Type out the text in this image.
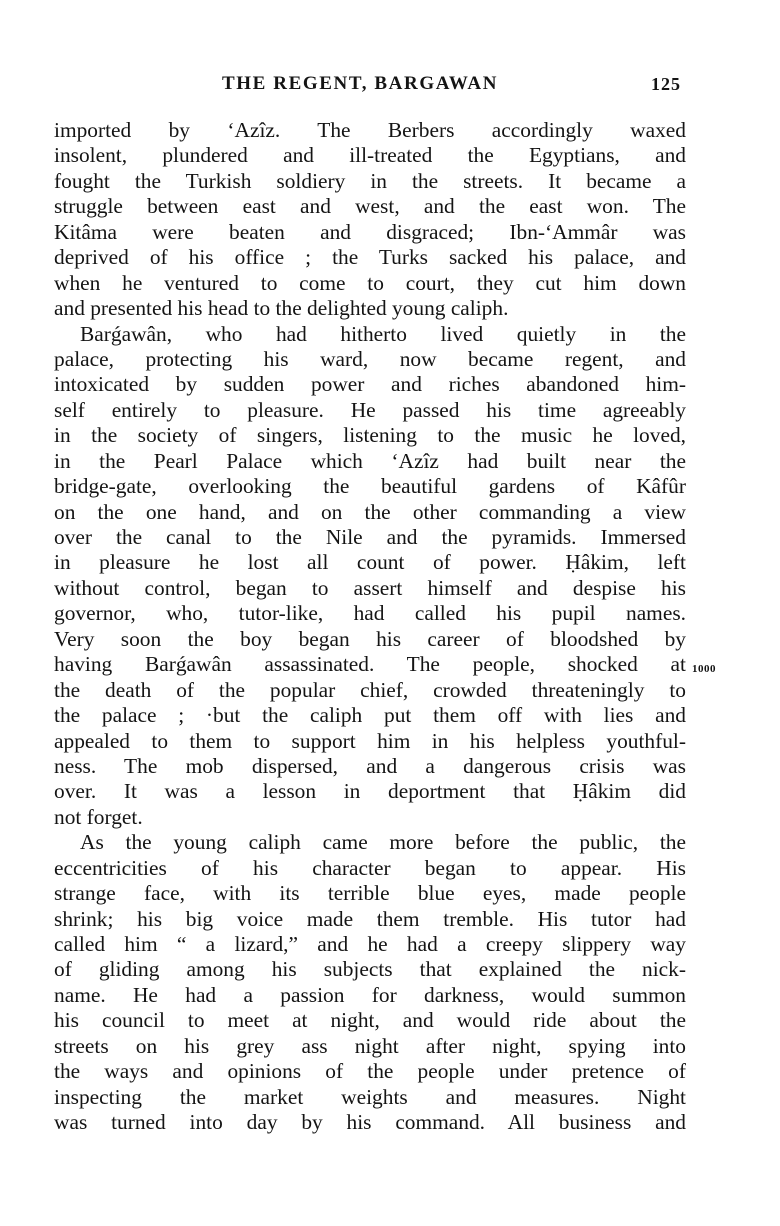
THE REGENT, BARGAWAN	125
imported by ‘Azîz. The Berbers accordingly waxed
insolent, plundered and ill-treated the Egyptians, and
fought the Turkish soldiery in the streets. It became a
struggle between east and west, and the east won. The
Kitâma were beaten and disgraced; Ibn-‘Ammâr was
deprived of his office ; the Turks sacked his palace, and
when he ventured to come to court, they cut him down
and presented his head to the delighted young caliph.
Barǵawân, who had hitherto lived quietly in the
palace, protecting his ward, now became regent, and
intoxicated by sudden power and riches abandoned him-
self entirely to pleasure. He passed his time agreeably
in the society of singers, listening to the music he loved,
in the Pearl Palace which ‘Azîz had built near the
bridge-gate, overlooking the beautiful gardens of Kâfûr
on the one hand, and on the other commanding a view
over the canal to the Nile and the pyramids. Immersed
in pleasure he lost all count of power. Ḥâkim, left
without control, began to assert himself and despise his
governor, who, tutor-like, had called his pupil names.
Very soon the boy began his career of bloodshed by
having Barǵawân assassinated. The people, shocked at
the death of the popular chief, crowded threateningly to
the palace ; ·but the caliph put them off with lies and
appealed to them to support him in his helpless youthful-
ness. The mob dispersed, and a dangerous crisis was
over. It was a lesson in deportment that Ḥâkim did
not forget.
As the young caliph came more before the public, the
eccentricities of his character began to appear. His
strange face, with its terrible blue eyes, made people
shrink; his big voice made them tremble. His tutor had
called him “ a lizard,” and he had a creepy slippery way
of gliding among his subjects that explained the nick-
name. He had a passion for darkness, would summon
his council to meet at night, and would ride about the
streets on his grey ass night after night, spying into
the ways and opinions of the people under pretence of
inspecting the market weights and measures. Night
was turned into day by his command. All business and
1000
